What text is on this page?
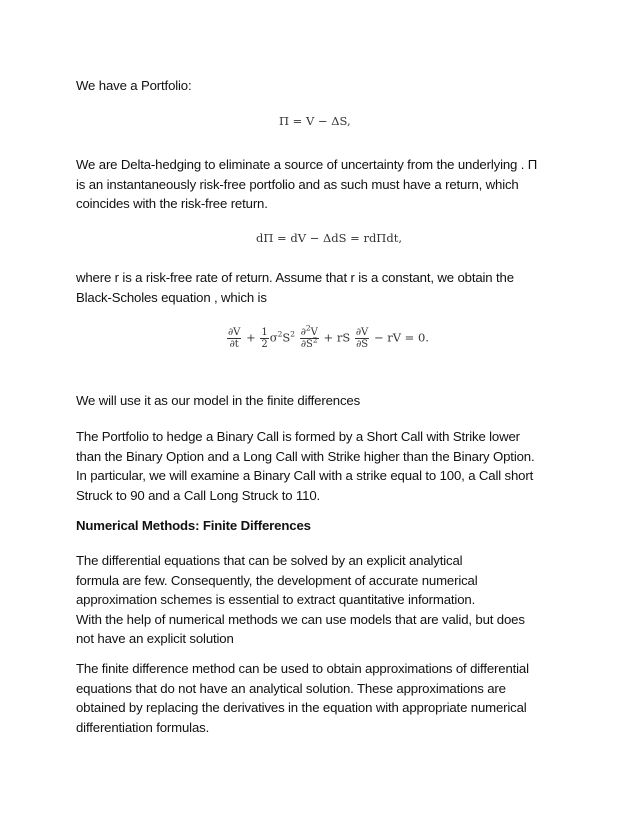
We have a Portfolio:
Π = V − ΔS,
We are Delta-hedging to eliminate a source of uncertainty from the underlying . Π
is an instantaneously risk-free portfolio and as such must have a return, which
coincides with the risk-free return.
dΠ = dV − ΔdS = rdΠdt,
where r is a risk-free rate of return. Assume that r is a constant, we obtain the
Black-Scholes equation , which is
$\frac{\partial V}{\partial t} + \frac{1}{2} \sigma^2S^2 \frac{\partial^2V}{\partial S^2}$ + rS $\frac{\partial V}{\partial S}$ − rV = 0.
We will use it as our model in the finite differences
The Portfolio to hedge a Binary Call is formed by a Short Call with Strike lower
than the Binary Option and a Long Call with Strike higher than the Binary Option.
In particular, we will examine a Binary Call with a strike equal to 100, a Call short
Struck to 90 and a Call Long Struck to 110.
Numerical Methods: Finite Differences
The differential equations that can be solved by an explicit analytical
formula are few. Consequently, the development of accurate numerical
approximation schemes is essential to extract quantitative information.
With the help of numerical methods we can use models that are valid, but does
not have an explicit solution
The finite difference method can be used to obtain approximations of differential
equations that do not have an analytical solution. These approximations are
obtained by replacing the derivatives in the equation with appropriate numerical
differentiation formulas.
